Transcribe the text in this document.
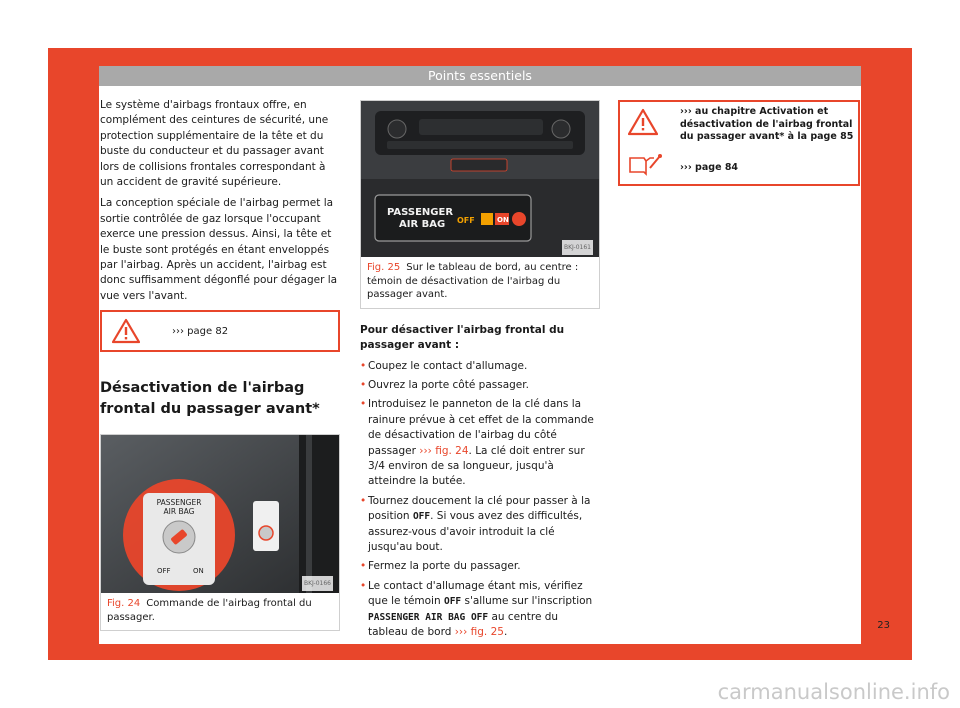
Points essentiels

Le système d'airbags frontaux offre, en complément des ceintures de sécurité, une protection supplémentaire de la tête et du buste du conducteur et du passager avant lors de collisions frontales correspondant à un accident de gravité supérieure.

La conception spéciale de l'airbag permet la sortie contrôlée de gaz lorsque l'occupant exerce une pression dessus. Ainsi, la tête et le buste sont protégés en étant enveloppés par l'airbag. Après un accident, l'airbag est donc suffisamment dégonflé pour dégager la vue vers l'avant.

››› page 82
Désactivation de l'airbag frontal du passager avant*
PASSENGER
AIR BAG
OFF	ON
BKJ-0166
Fig. 24 Commande de l'airbag frontal du passager.
PASSENGER
AIR BAG OFF	ON
BKJ-0161
Fig. 25 Sur le tableau de bord, au centre : témoin de désactivation de l'airbag du passager avant.
Pour désactiver l'airbag frontal du passager avant :
• Coupez le contact d'allumage.
• Ouvrez la porte côté passager.
• Introduisez le panneton de la clé dans la rainure prévue à cet effet de la commande de désactivation de l'airbag du côté passager ››› fig. 24. La clé doit entrer sur 3/4 environ de sa longueur, jusqu'à atteindre la butée.
• Tournez doucement la clé pour passer à la position OFF. Si vous avez des difficultés, assurez-vous d'avoir introduit la clé jusqu'au bout.
• Fermez la porte du passager.
• Le contact d'allumage étant mis, vérifiez que le témoin OFF s'allume sur l'inscription PASSENGER AIR BAG OFF au centre du tableau de bord ››› fig. 25.
››› au chapitre Activation et désactivation de l'airbag frontal du passager avant* à la page 85
››› page 84
23
carmanualsonline.info
